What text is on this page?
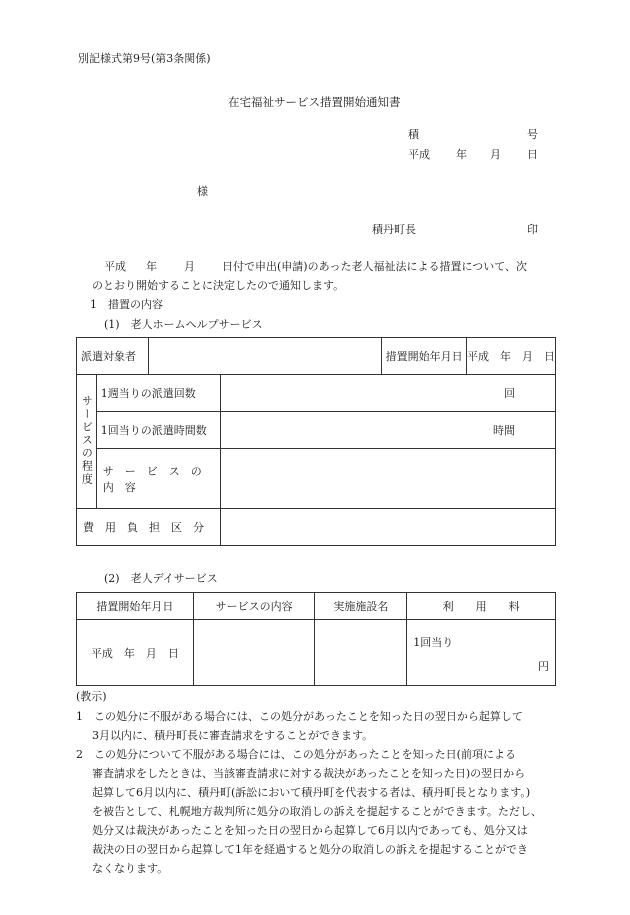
別記様式第9号(第3条関係)
在宅福祉サービス措置開始通知書
積	号
平成 年 月 日
様
積丹町長	印
平成 年 月 日付で申出(申請)のあった老人福祉法による措置について、次
のとおり開始することに決定したので通知します。
1　措置の内容
(1)　老人ホームヘルプサービス
派遣対象者				措置開始年月日	平成　年　月　日
サービスの程度	1週当りの派遣回数		回		
	1回当りの派遣時間数		時間		
	サ　ー　ビ　ス　の　内　容				
費　用　負　担　区　分					
(2)　老人デイサービス
措置開始年月日	サービスの内容	実施施設名	利　　用　　料
平成　年　月　日			1回当り
円
(教示)
1　この処分に不服がある場合には、この処分があったことを知った日の翌日から起算して
3月以内に、積丹町長に審査請求をすることができます。
2　この処分について不服がある場合には、この処分があったことを知った日(前項による
審査請求をしたときは、当該審査請求に対する裁決があったことを知った日)の翌日から
起算して6月以内に、積丹町(訴訟において積丹町を代表する者は、積丹町長となります。)
を被告として、札幌地方裁判所に処分の取消しの訴えを提起することができます。ただし、
処分又は裁決があったことを知った日の翌日から起算して6月以内であっても、処分又は
裁決の日の翌日から起算して1年を経過すると処分の取消しの訴えを提起することができ
なくなります。
